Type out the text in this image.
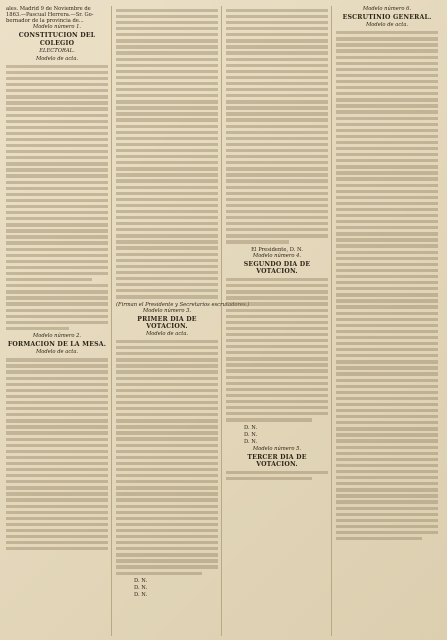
ales. Madrid 9 de Noviembre de
1863.—Pascual Herrera.—Sr. Go-
bernador de la provincia de...
Modelo número 1.
CONSTITUCION DEL COLEGIO
ELECTORAL.
Modelo de acta.
Modelo número 2.
FORMACION DE LA MESA.
Modelo de acta.
(Firman el Presidente y Secretarios escrutadores.)
Modelo número 3.
PRIMER DIA DE VOTACION.
Modelo de acta.
D. N.
D. N.
D. N.
El Presidente, D. N.
Modelo número 4.
SEGUNDO DIA DE VOTACION.
D. N.
D. N.
D. N.
Modelo número 5.
TERCER DIA DE VOTACION.
Modelo número 6.
ESCRUTINIO GENERAL.
Modelo de acta.
